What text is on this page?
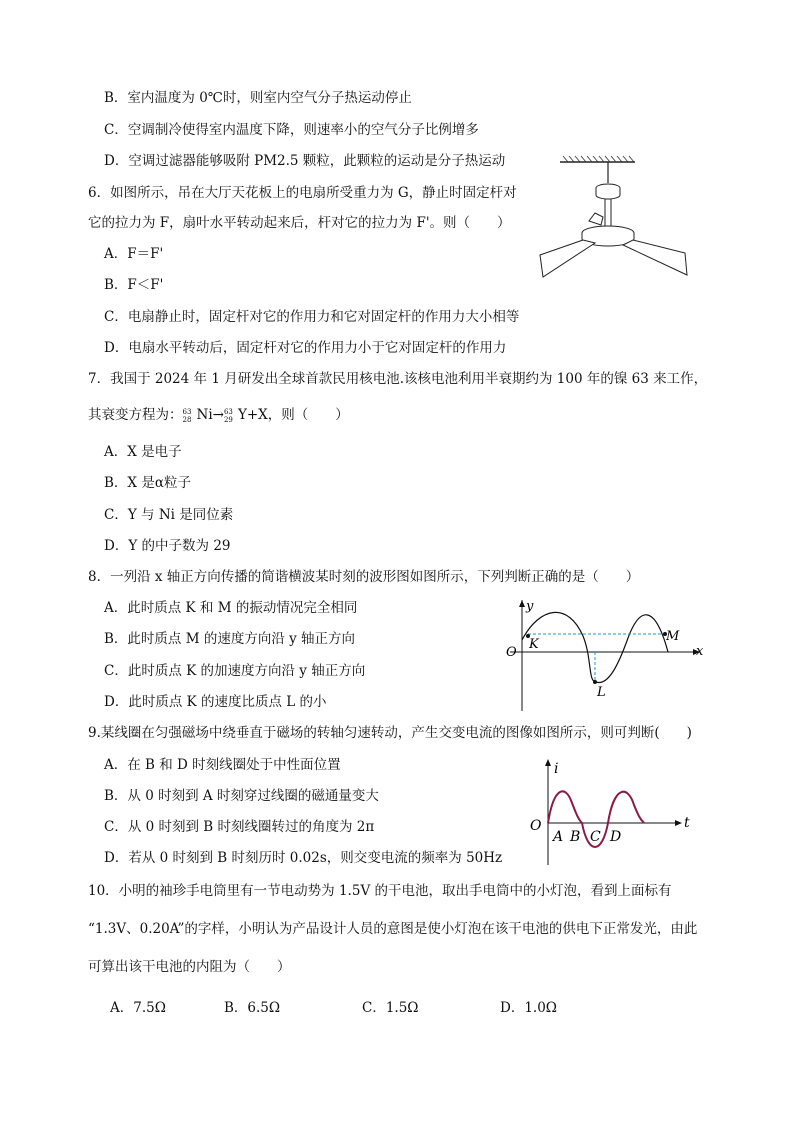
B．室内温度为 0℃时，则室内空气分子热运动停止
C．空调制冷使得室内温度下降，则速率小的空气分子比例增多
D．空调过滤器能够吸附 PM2.5 颗粒，此颗粒的运动是分子热运动
6．如图所示，吊在大厅天花板上的电扇所受重力为 G，静止时固定杆对
它的拉力为 F，扇叶水平转动起来后，杆对它的拉力为 F'。则（　　）
A．F＝F'
B．F＜F'
C．电扇静止时，固定杆对它的作用力和它对固定杆的作用力大小相等
D．电扇水平转动后，固定杆对它的作用力小于它对固定杆的作用力
7．我国于 2024 年 1 月研发出全球首款民用核电池.该核电池利用半衰期约为 100 年的镍 63 来工作，
其衰变方程为： 63
28 Ni→ 63
29 Y+X，则（　　）
A．X 是电子
B．X 是α粒子
C．Y 与 Ni 是同位素
D．Y 的中子数为 29
8．一列沿 x 轴正方向传播的简谐横波某时刻的波形图如图所示，下列判断正确的是（　　）
A．此时质点 K 和 M 的振动情况完全相同
B．此时质点 M 的速度方向沿 y 轴正方向
C．此时质点 K 的加速度方向沿 y 轴正方向
D．此时质点 K 的速度比质点 L 的小
y
x
O
K
M
L
9.某线圈在匀强磁场中绕垂直于磁场的转轴匀速转动，产生交变电流的图像如图所示，则可判断(　　)
A．在 B 和 D 时刻线圈处于中性面位置
B．从 0 时刻到 A 时刻穿过线圈的磁通量变大
C．从 0 时刻到 B 时刻线圈转过的角度为 2π
D．若从 0 时刻到 B 时刻历时 0.02s，则交变电流的频率为 50Hz
i
t
O
A B C D
10．小明的袖珍手电筒里有一节电动势为 1.5V 的干电池，取出手电筒中的小灯泡，看到上面标有
“1.3V、0.20A”的字样，小明认为产品设计人员的意图是使小灯泡在该干电池的供电下正常发光，由此
可算出该干电池的内阻为（　　）
A．7.5Ω	B．6.5Ω	C．1.5Ω	D．1.0Ω
